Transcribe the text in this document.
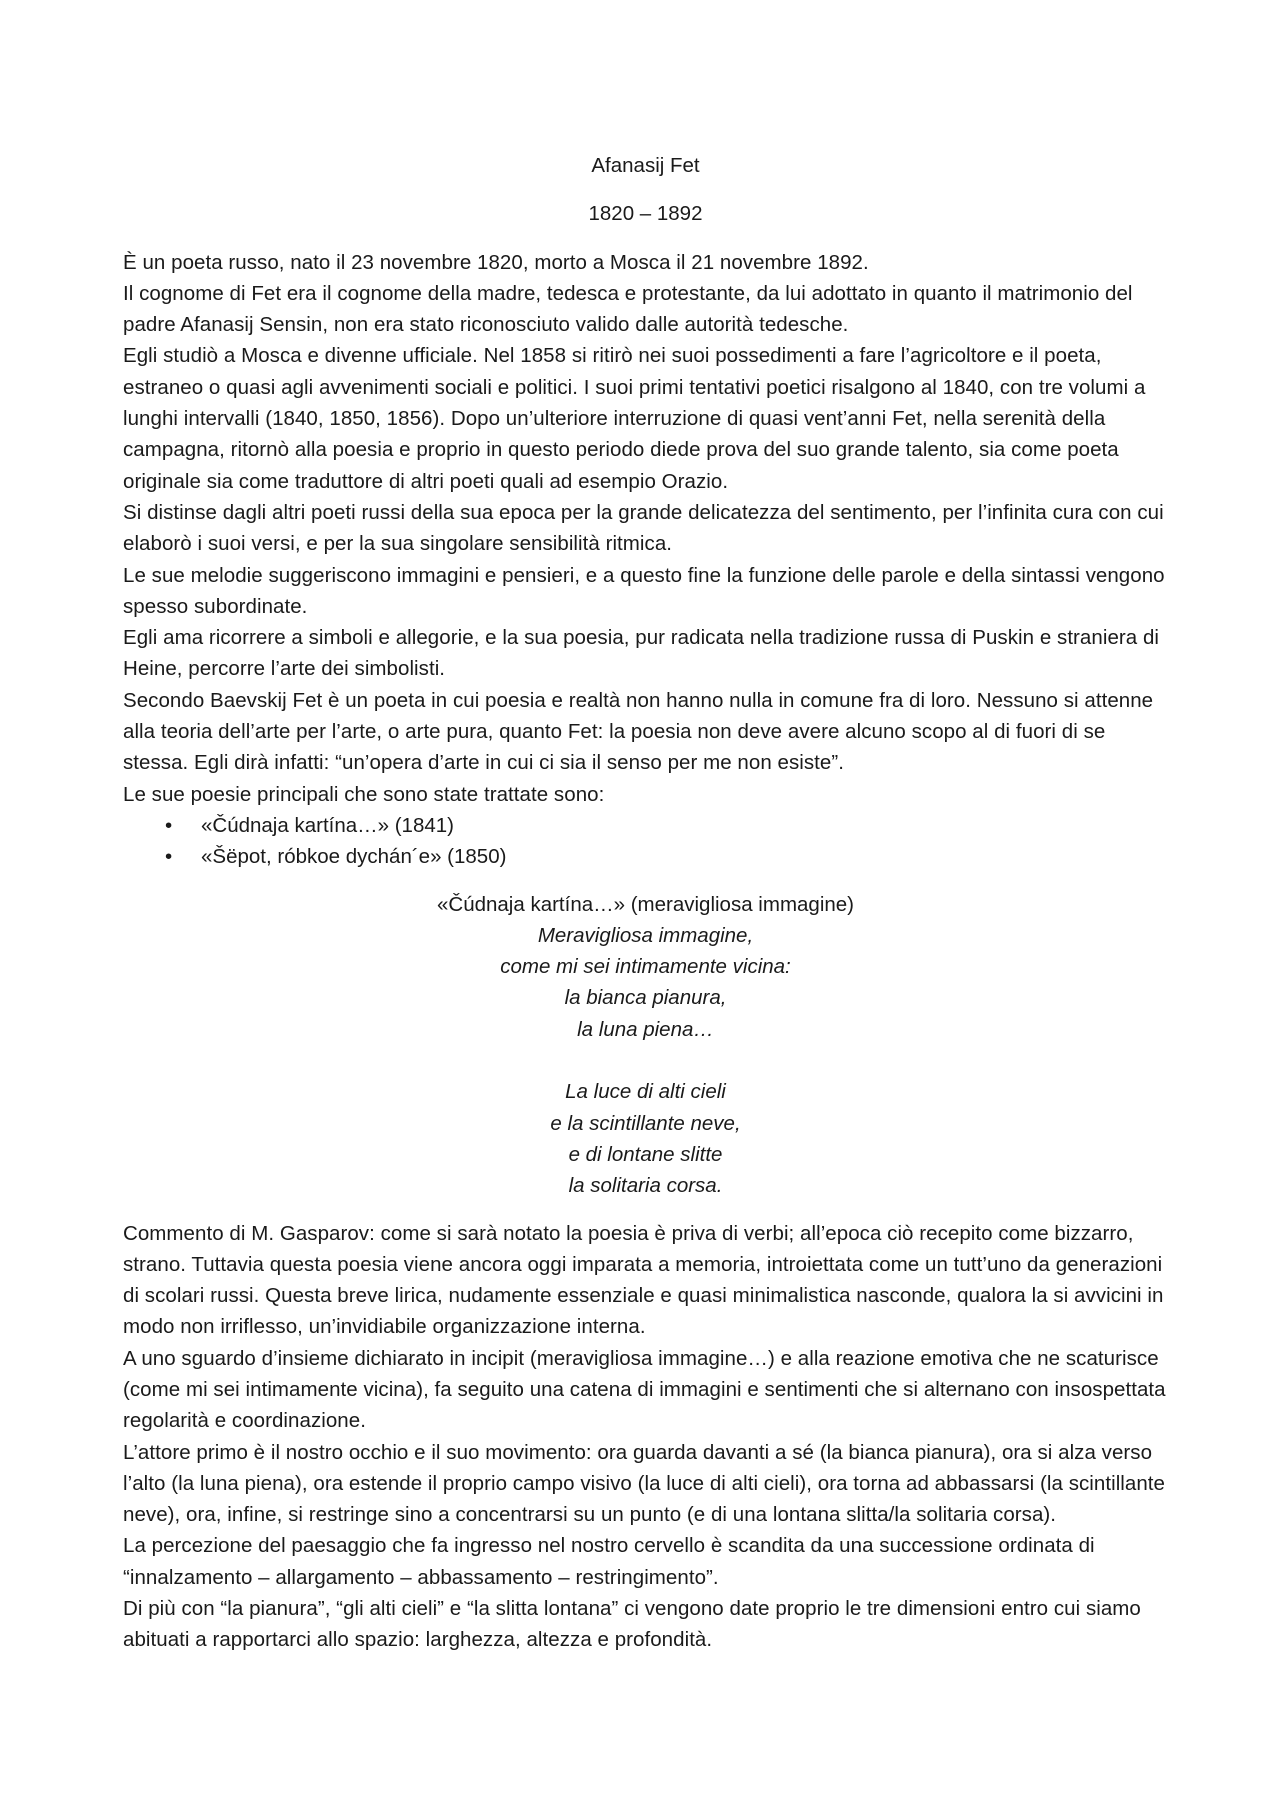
Afanasij Fet

1820 – 1892

È un poeta russo, nato il 23 novembre 1820, morto a Mosca il 21 novembre 1892.

Il cognome di Fet era il cognome della madre, tedesca e protestante, da lui adottato in quanto il matrimonio del padre Afanasij Sensin, non era stato riconosciuto valido dalle autorità tedesche.

Egli studiò a Mosca e divenne ufficiale. Nel 1858 si ritirò nei suoi possedimenti a fare l’agricoltore e il poeta, estraneo o quasi agli avvenimenti sociali e politici. I suoi primi tentativi poetici risalgono al 1840, con tre volumi a lunghi intervalli (1840, 1850, 1856). Dopo un’ulteriore interruzione di quasi vent’anni Fet, nella serenità della campagna, ritornò alla poesia e proprio in questo periodo diede prova del suo grande talento, sia come poeta originale sia come traduttore di altri poeti quali ad esempio Orazio.

Si distinse dagli altri poeti russi della sua epoca per la grande delicatezza del sentimento, per l’infinita cura con cui elaborò i suoi versi, e per la sua singolare sensibilità ritmica.

Le sue melodie suggeriscono immagini e pensieri, e a questo fine la funzione delle parole e della sintassi vengono spesso subordinate.

Egli ama ricorrere a simboli e allegorie, e la sua poesia, pur radicata nella tradizione russa di Puskin e straniera di Heine, percorre l’arte dei simbolisti.

Secondo Baevskij Fet è un poeta in cui poesia e realtà non hanno nulla in comune fra di loro. Nessuno si attenne alla teoria dell’arte per l’arte, o arte pura, quanto Fet: la poesia non deve avere alcuno scopo al di fuori di se stessa. Egli dirà infatti: “un’opera d’arte in cui ci sia il senso per me non esiste”.

Le sue poesie principali che sono state trattate sono:

• «Čúdnaja kartína…» (1841)
• «Šëpot, róbkoe dychán´e» (1850)
«Čúdnaja kartína…» (meravigliosa immagine)
Meravigliosa immagine,
come mi sei intimamente vicina:
la bianca pianura,
la luna piena…
La luce di alti cieli
e la scintillante neve,
e di lontane slitte
la solitaria corsa.

Commento di M. Gasparov: come si sarà notato la poesia è priva di verbi; all’epoca ciò recepito come bizzarro, strano. Tuttavia questa poesia viene ancora oggi imparata a memoria, introiettata come un tutt’uno da generazioni di scolari russi. Questa breve lirica, nudamente essenziale e quasi minimalistica nasconde, qualora la si avvicini in modo non irriflesso, un’invidiabile organizzazione interna.

A uno sguardo d’insieme dichiarato in incipit (meravigliosa immagine…) e alla reazione emotiva che ne scaturisce (come mi sei intimamente vicina), fa seguito una catena di immagini e sentimenti che si alternano con insospettata regolarità e coordinazione.

L’attore primo è il nostro occhio e il suo movimento: ora guarda davanti a sé (la bianca pianura), ora si alza verso l’alto (la luna piena), ora estende il proprio campo visivo (la luce di alti cieli), ora torna ad abbassarsi (la scintillante neve), ora, infine, si restringe sino a concentrarsi su un punto (e di una lontana slitta/la solitaria corsa).

La percezione del paesaggio che fa ingresso nel nostro cervello è scandita da una successione ordinata di “innalzamento – allargamento – abbassamento – restringimento”.

Di più con “la pianura”, “gli alti cieli” e “la slitta lontana” ci vengono date proprio le tre dimensioni entro cui siamo abituati a rapportarci allo spazio: larghezza, altezza e profondità.
